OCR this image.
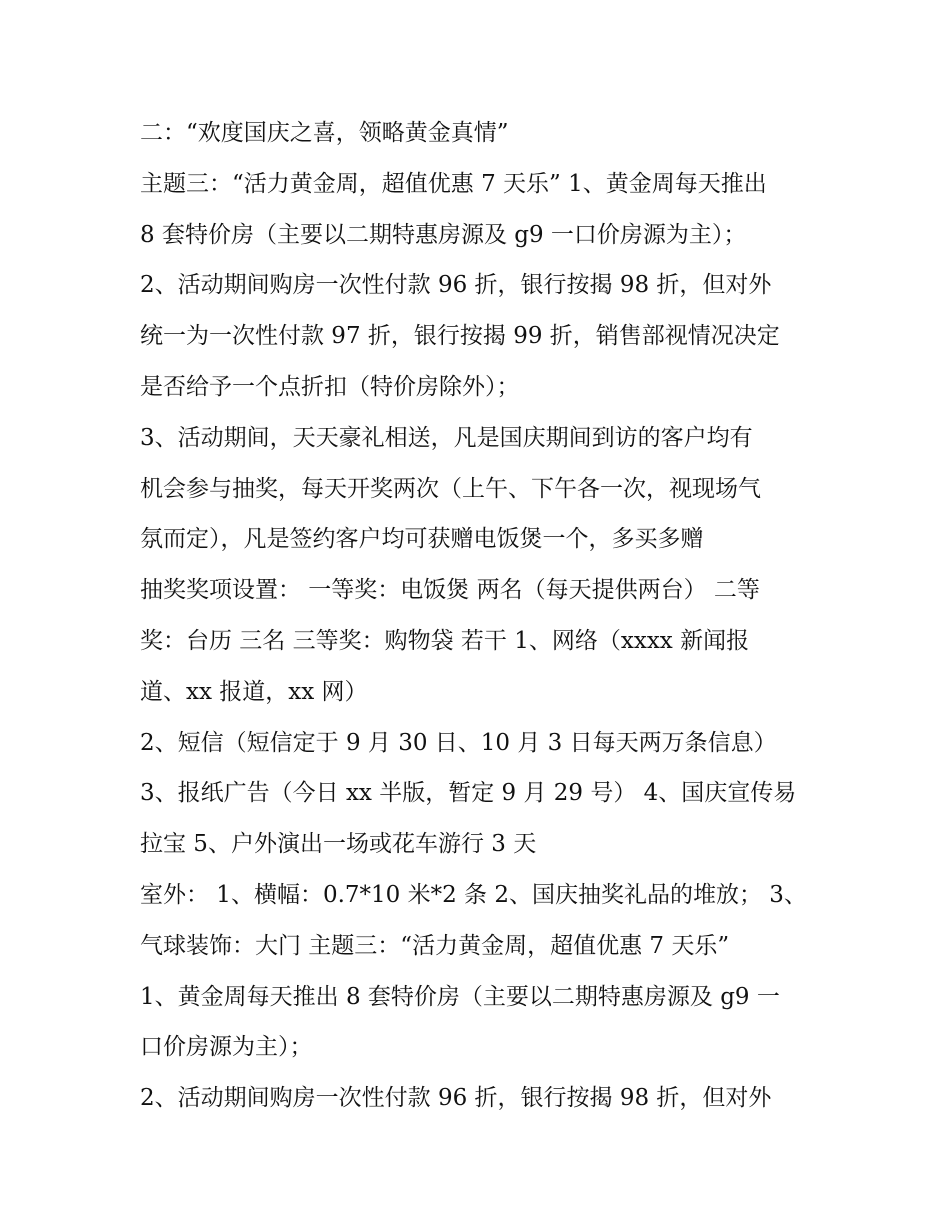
二：“欢度国庆之喜，领略黄金真情”
主题三：“活力黄金周，超值优惠 7 天乐” 1、黄金周每天推出
8 套特价房（主要以二期特惠房源及 g9 一口价房源为主）；
2、活动期间购房一次性付款 96 折，银行按揭 98 折，但对外
统一为一次性付款 97 折，银行按揭 99 折，销售部视情况决定
是否给予一个点折扣（特价房除外）；
3、活动期间，天天豪礼相送，凡是国庆期间到访的客户均有
机会参与抽奖，每天开奖两次（上午、下午各一次，视现场气
氛而定），凡是签约客户均可获赠电饭煲一个，多买多赠
抽奖奖项设置： 一等奖：电饭煲 两名（每天提供两台） 二等
奖：台历 三名 三等奖：购物袋 若干 1、网络（xxxx 新闻报
道、xx 报道，xx 网）
2、短信（短信定于 9 月 30 日、10 月 3 日每天两万条信息）
3、报纸广告（今日 xx 半版，暂定 9 月 29 号） 4、国庆宣传易
拉宝 5、户外演出一场或花车游行 3 天
室外： 1、横幅：0.7*10 米*2 条 2、国庆抽奖礼品的堆放； 3、
气球装饰：大门 主题三：“活力黄金周，超值优惠 7 天乐”
1、黄金周每天推出 8 套特价房（主要以二期特惠房源及 g9 一
口价房源为主）；
2、活动期间购房一次性付款 96 折，银行按揭 98 折，但对外
